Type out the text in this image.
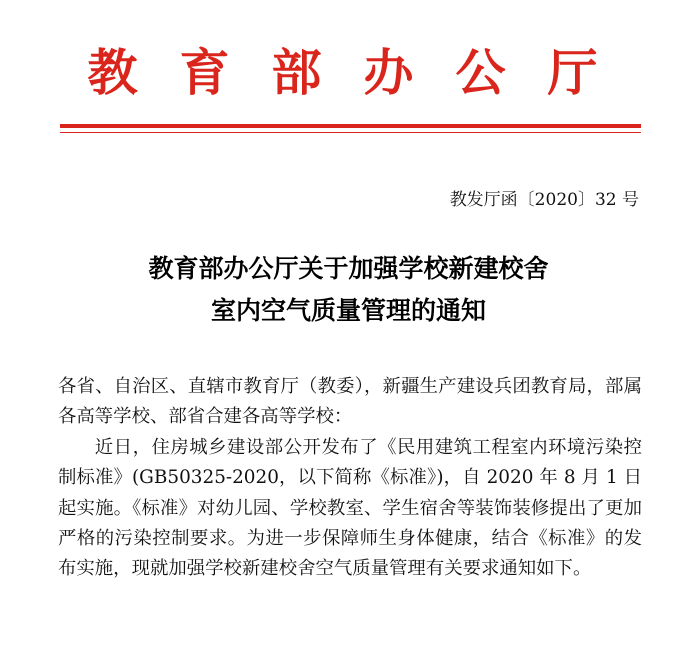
教育部办公厅
教发厅函〔2020〕32 号
教育部办公厅关于加强学校新建校舍
室内空气质量管理的通知

各省、自治区、直辖市教育厅（教委），新疆生产建设兵团教育局，部属各高等学校、部省合建各高等学校：

近日，住房城乡建设部公开发布了《民用建筑工程室内环境污染控制标准》(GB50325-2020，以下简称《标准》)，自 2020 年 8 月 1 日起实施。《标准》对幼儿园、学校教室、学生宿舍等装饰装修提出了更加严格的污染控制要求。为进一步保障师生身体健康，结合《标准》的发布实施，现就加强学校新建校舍空气质量管理有关要求通知如下。
